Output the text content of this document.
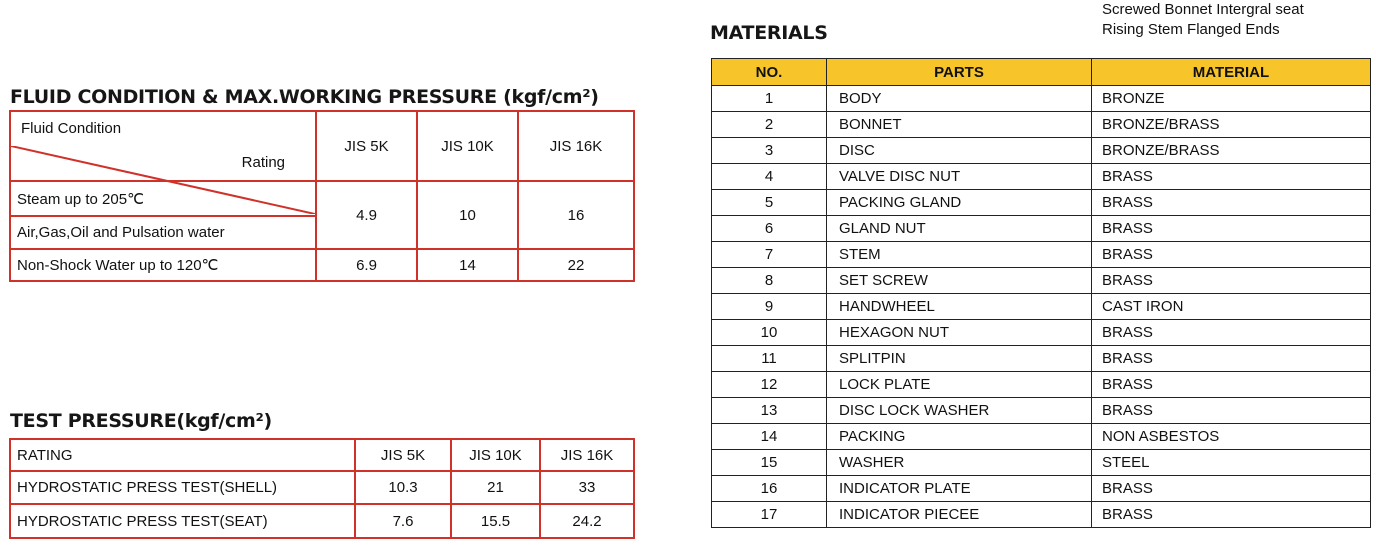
FLUID CONDITION & MAX.WORKING PRESSURE (kgf/cm²)
Rating
Fluid Condition	JIS 5K	JIS 10K	JIS 16K
Steam up to 205℃	4.9	10	16
Air,Gas,Oil and Pulsation water			
Non-Shock Water up to 120℃	6.9	14	22
TEST PRESSURE(kgf/cm²)
RATING	JIS 5K	JIS 10K	JIS 16K
HYDROSTATIC PRESS TEST(SHELL)	10.3	21	33
HYDROSTATIC PRESS TEST(SEAT)	7.6	15.5	24.2
Screwed Bonnet Intergral seat
Rising Stem Flanged Ends
MATERIALS
NO.	PARTS	MATERIAL
1	BODY	BRONZE
2	BONNET	BRONZE/BRASS
3	DISC	BRONZE/BRASS
4	VALVE DISC NUT	BRASS
5	PACKING GLAND	BRASS
6	GLAND NUT	BRASS
7	STEM	BRASS
8	SET SCREW	BRASS
9	HANDWHEEL	CAST IRON
10	HEXAGON NUT	BRASS
11	SPLITPIN	BRASS
12	LOCK PLATE	BRASS
13	DISC LOCK WASHER	BRASS
14	PACKING	NON ASBESTOS
15	WASHER	STEEL
16	INDICATOR PLATE	BRASS
17	INDICATOR PIECEE	BRASS
